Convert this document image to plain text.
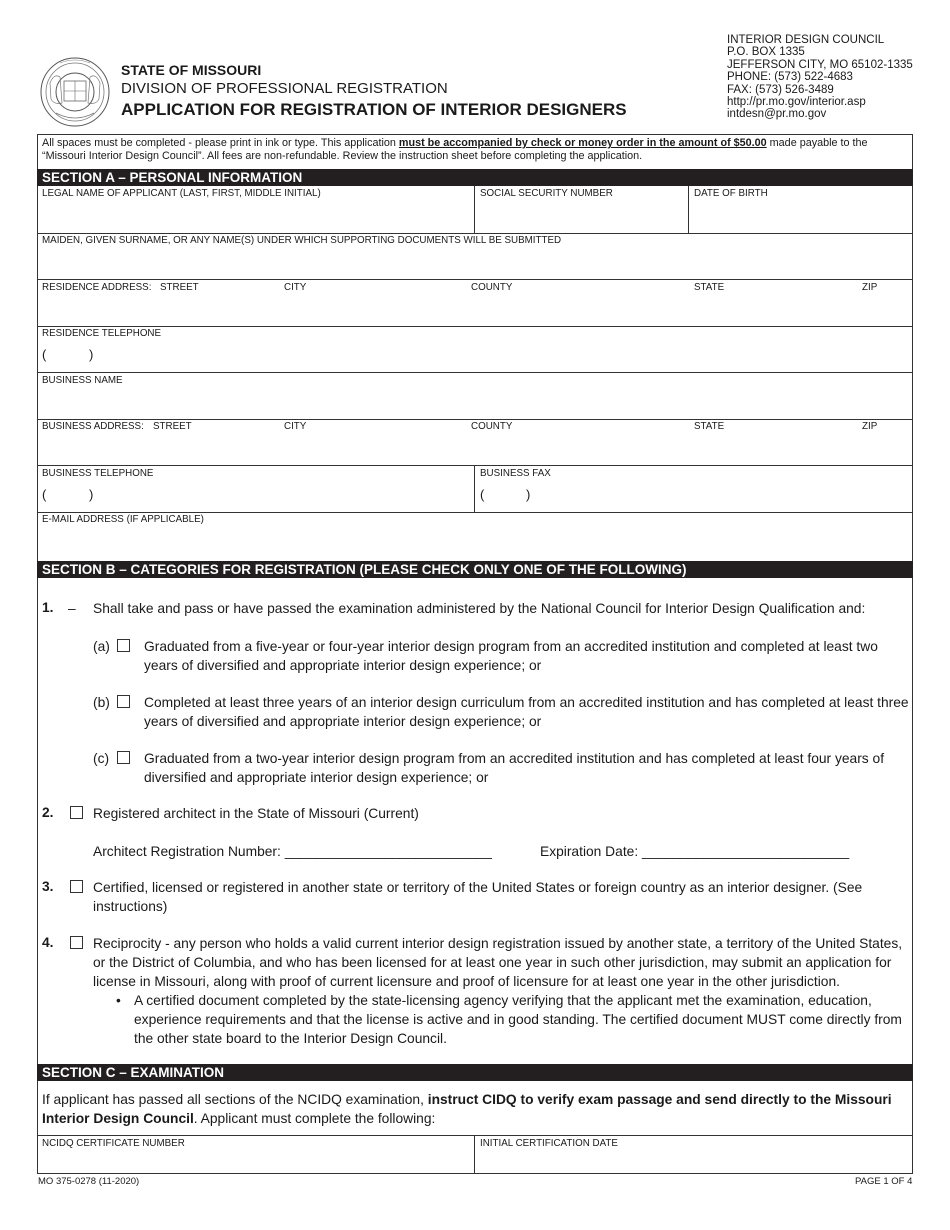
STATE OF MISSOURI
DIVISION OF PROFESSIONAL REGISTRATION
APPLICATION FOR REGISTRATION OF INTERIOR DESIGNERS
INTERIOR DESIGN COUNCIL
P.O. BOX 1335
JEFFERSON CITY, MO 65102-1335
PHONE: (573) 522-4683
FAX: (573) 526-3489
http://pr.mo.gov/interior.asp
intdesn@pr.mo.gov
All spaces must be completed - please print in ink or type. This application must be accompanied by check or money order in the amount of $50.00 made payable to the “Missouri Interior Design Council”. All fees are non-refundable. Review the instruction sheet before completing the application.
SECTION A – PERSONAL INFORMATION
LEGAL NAME OF APPLICANT (LAST, FIRST, MIDDLE INITIAL)	SOCIAL SECURITY NUMBER	DATE OF BIRTH
MAIDEN, GIVEN SURNAME, OR ANY NAME(S) UNDER WHICH SUPPORTING DOCUMENTS WILL BE SUBMITTED
RESIDENCE ADDRESS: STREET	CITY	COUNTY	STATE	ZIP
RESIDENCE TELEPHONE
(	)
BUSINESS NAME
BUSINESS ADDRESS: STREET	CITY	COUNTY	STATE	ZIP
BUSINESS TELEPHONE
(	)
BUSINESS FAX
(	)
E-MAIL ADDRESS (IF APPLICABLE)
SECTION B – CATEGORIES FOR REGISTRATION (PLEASE CHECK ONLY ONE OF THE FOLLOWING)
1. – Shall take and pass or have passed the examination administered by the National Council for Interior Design Qualification and:
(a) Graduated from a five-year or four-year interior design program from an accredited institution and completed at least two years of diversified and appropriate interior design experience; or
(b) Completed at least three years of an interior design curriculum from an accredited institution and has completed at least three years of diversified and appropriate interior design experience; or
(c)	Graduated from a two-year interior design program from an accredited institution and has completed at least four years of diversified and appropriate interior design experience; or
2.	Registered architect in the State of Missouri (Current)
Architect Registration Number: ___________________________	Expiration Date: ___________________________
3.	Certified, licensed or registered in another state or territory of the United States or foreign country as an interior designer. (See instructions)
4.	Reciprocity - any person who holds a valid current interior design registration issued by another state, a territory of the United States, or the District of Columbia, and who has been licensed for at least one year in such other jurisdiction, may submit an application for license in Missouri, along with proof of current licensure and proof of licensure for at least one year in the other jurisdiction.
• A certified document completed by the state-licensing agency verifying that the applicant met the examination, education, experience requirements and that the license is active and in good standing. The certified document MUST come directly from the other state board to the Interior Design Council.
SECTION C – EXAMINATION
If applicant has passed all sections of the NCIDQ examination, instruct CIDQ to verify exam passage and send directly to the Missouri Interior Design Council. Applicant must complete the following:
NCIDQ CERTIFICATE NUMBER	INITIAL CERTIFICATION DATE
MO 375-0278 (11-2020)	PAGE 1 OF 4
